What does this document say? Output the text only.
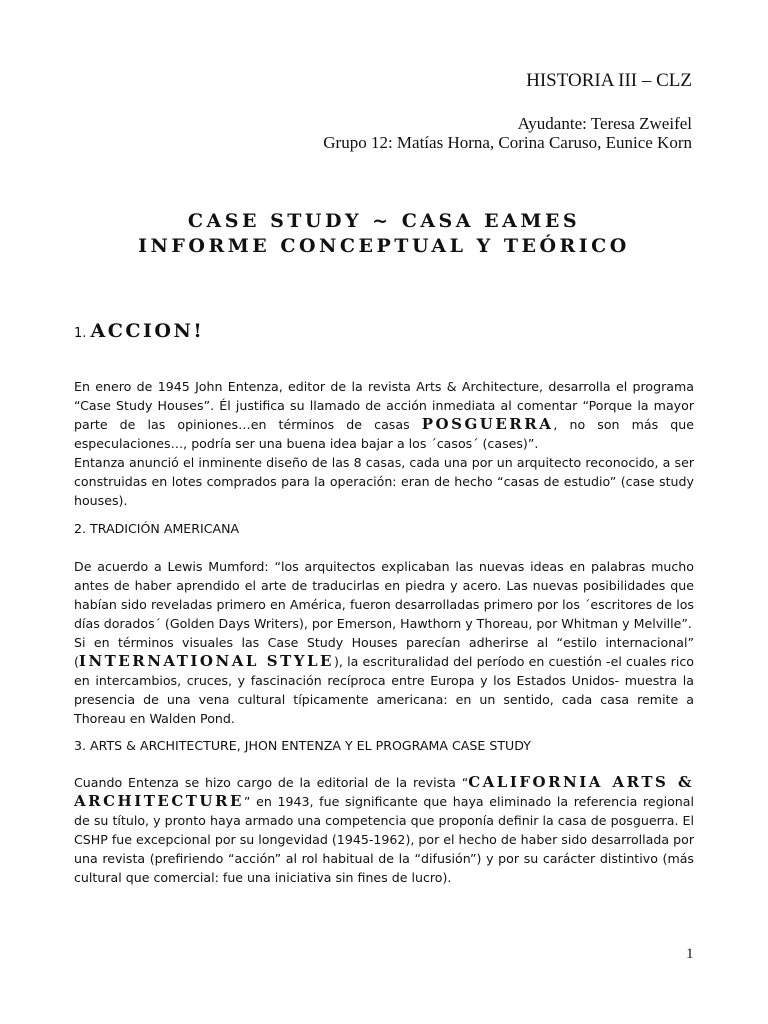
HISTORIA III – CLZ
Ayudante: Teresa Zweifel
Grupo 12: Matías Horna, Corina Caruso, Eunice Korn
CASE STUDY ~ CASA EAMES
INFORME CONCEPTUAL Y TEÓRICO
1. ACCION!

En enero de 1945 John Entenza, editor de la revista Arts & Architecture, desarrolla el programa “Case Study Houses”. Él justifica su llamado de acción inmediata al comentar “Porque la mayor parte de las opiniones…en términos de casas POSGUERRA, no son más que especulaciones…, podría ser una buena idea bajar a los ´casos´ (cases)”.

Entanza anunció el inminente diseño de las 8 casas, cada una por un arquitecto reconocido, a ser construidas en lotes comprados para la operación: eran de hecho “casas de estudio” (case study houses).

2. TRADICIÓN AMERICANA

De acuerdo a Lewis Mumford: “los arquitectos explicaban las nuevas ideas en palabras mucho antes de haber aprendido el arte de traducirlas en piedra y acero. Las nuevas posibilidades que habían sido reveladas primero en América, fueron desarrolladas primero por los ´escritores de los días dorados´ (Golden Days Writers), por Emerson, Hawthorn y Thoreau, por Whitman y Melville”.

Si en términos visuales las Case Study Houses parecían adherirse al “estilo internacional” (INTERNATIONAL STYLE), la escrituralidad del período en cuestión -el cuales rico en intercambios, cruces, y fascinación recíproca entre Europa y los Estados Unidos- muestra la presencia de una vena cultural típicamente americana: en un sentido, cada casa remite a Thoreau en Walden Pond.

3. ARTS & ARCHITECTURE, JHON ENTENZA Y EL PROGRAMA CASE STUDY

Cuando Entenza se hizo cargo de la editorial de la revista “CALIFORNIA ARTS & ARCHITECTURE” en 1943, fue significante que haya eliminado la referencia regional de su título, y pronto haya armado una competencia que proponía definir la casa de posguerra. El CSHP fue excepcional por su longevidad (1945-1962), por el hecho de haber sido desarrollada por una revista (prefiriendo “acción” al rol habitual de la “difusión”) y por su carácter distintivo (más cultural que comercial: fue una iniciativa sin fines de lucro).

1
